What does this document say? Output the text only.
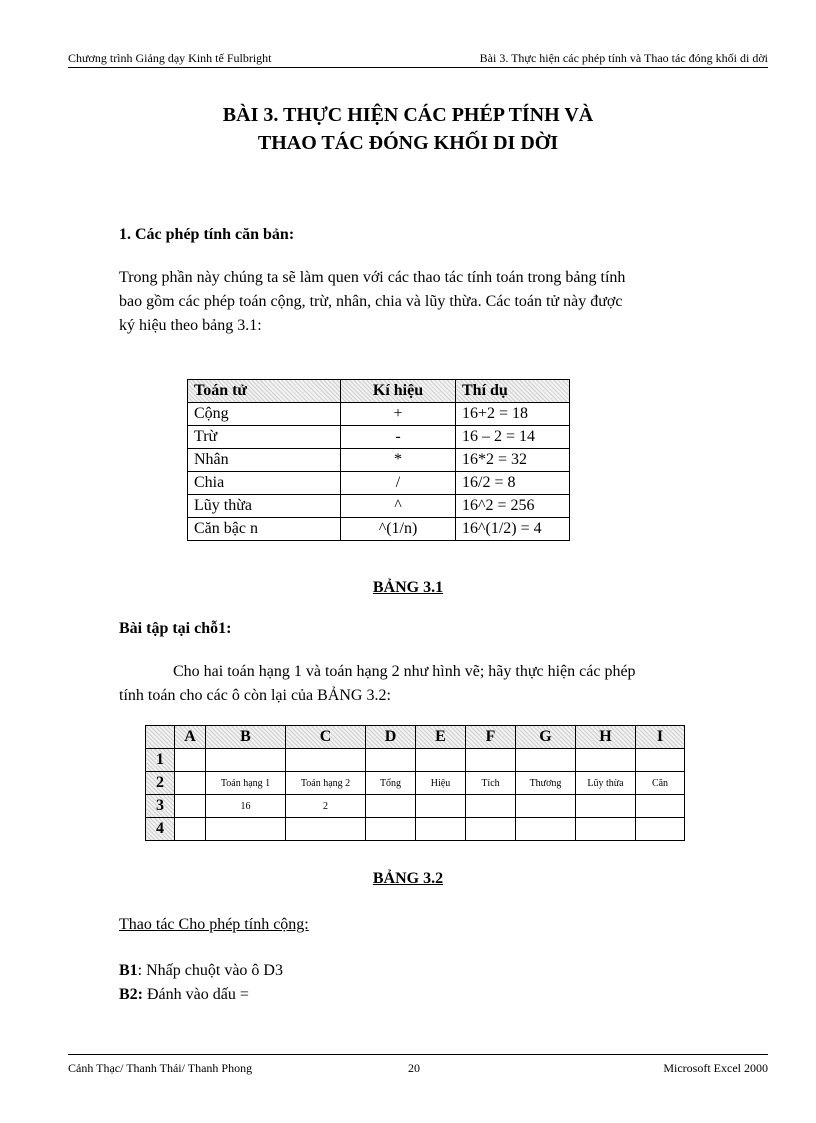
Chương trình Giảng dạy Kinh tế Fulbright	Bài 3. Thực hiện các phép tính và Thao tác đóng khối di dời
BÀI 3. THỰC HIỆN CÁC PHÉP TÍNH VÀ
THAO TÁC ĐÓNG KHỐI DI DỜI
1. Các phép tính căn bản:
Trong phần này chúng ta sẽ làm quen với các thao tác tính toán trong bảng tính
bao gồm các phép toán cộng, trừ, nhân, chia và lũy thừa. Các toán tử này được
ký hiệu theo bảng 3.1:
Toán tử	Kí hiệu	Thí dụ
Cộng	+	16+2 = 18
Trừ	-	16 – 2 = 14
Nhân	*	16*2 = 32
Chia	/	16/2 = 8
Lũy thừa	^	16^2 = 256
Căn bậc n	^(1/n)	16^(1/2) = 4
BẢNG 3.1
Bài tập tại chỗ1:
Cho hai toán hạng 1 và toán hạng 2 như hình vẽ; hãy thực hiện các phép
tính toán cho các ô còn lại của BẢNG 3.2:
	A	B	C	D	E	F	G	H	I
1									
2		Toán hạng 1	Toán hạng 2	Tổng	Hiệu	Tích	Thương	Lũy thừa	Căn
3		16	2						
4									
BẢNG 3.2
Thao tác Cho phép tính cộng:
B1: Nhấp chuột vào ô D3
B2: Đánh vào dấu =
Cảnh Thạc/ Thanh Thái/ Thanh Phong	20	Microsoft Excel 2000
